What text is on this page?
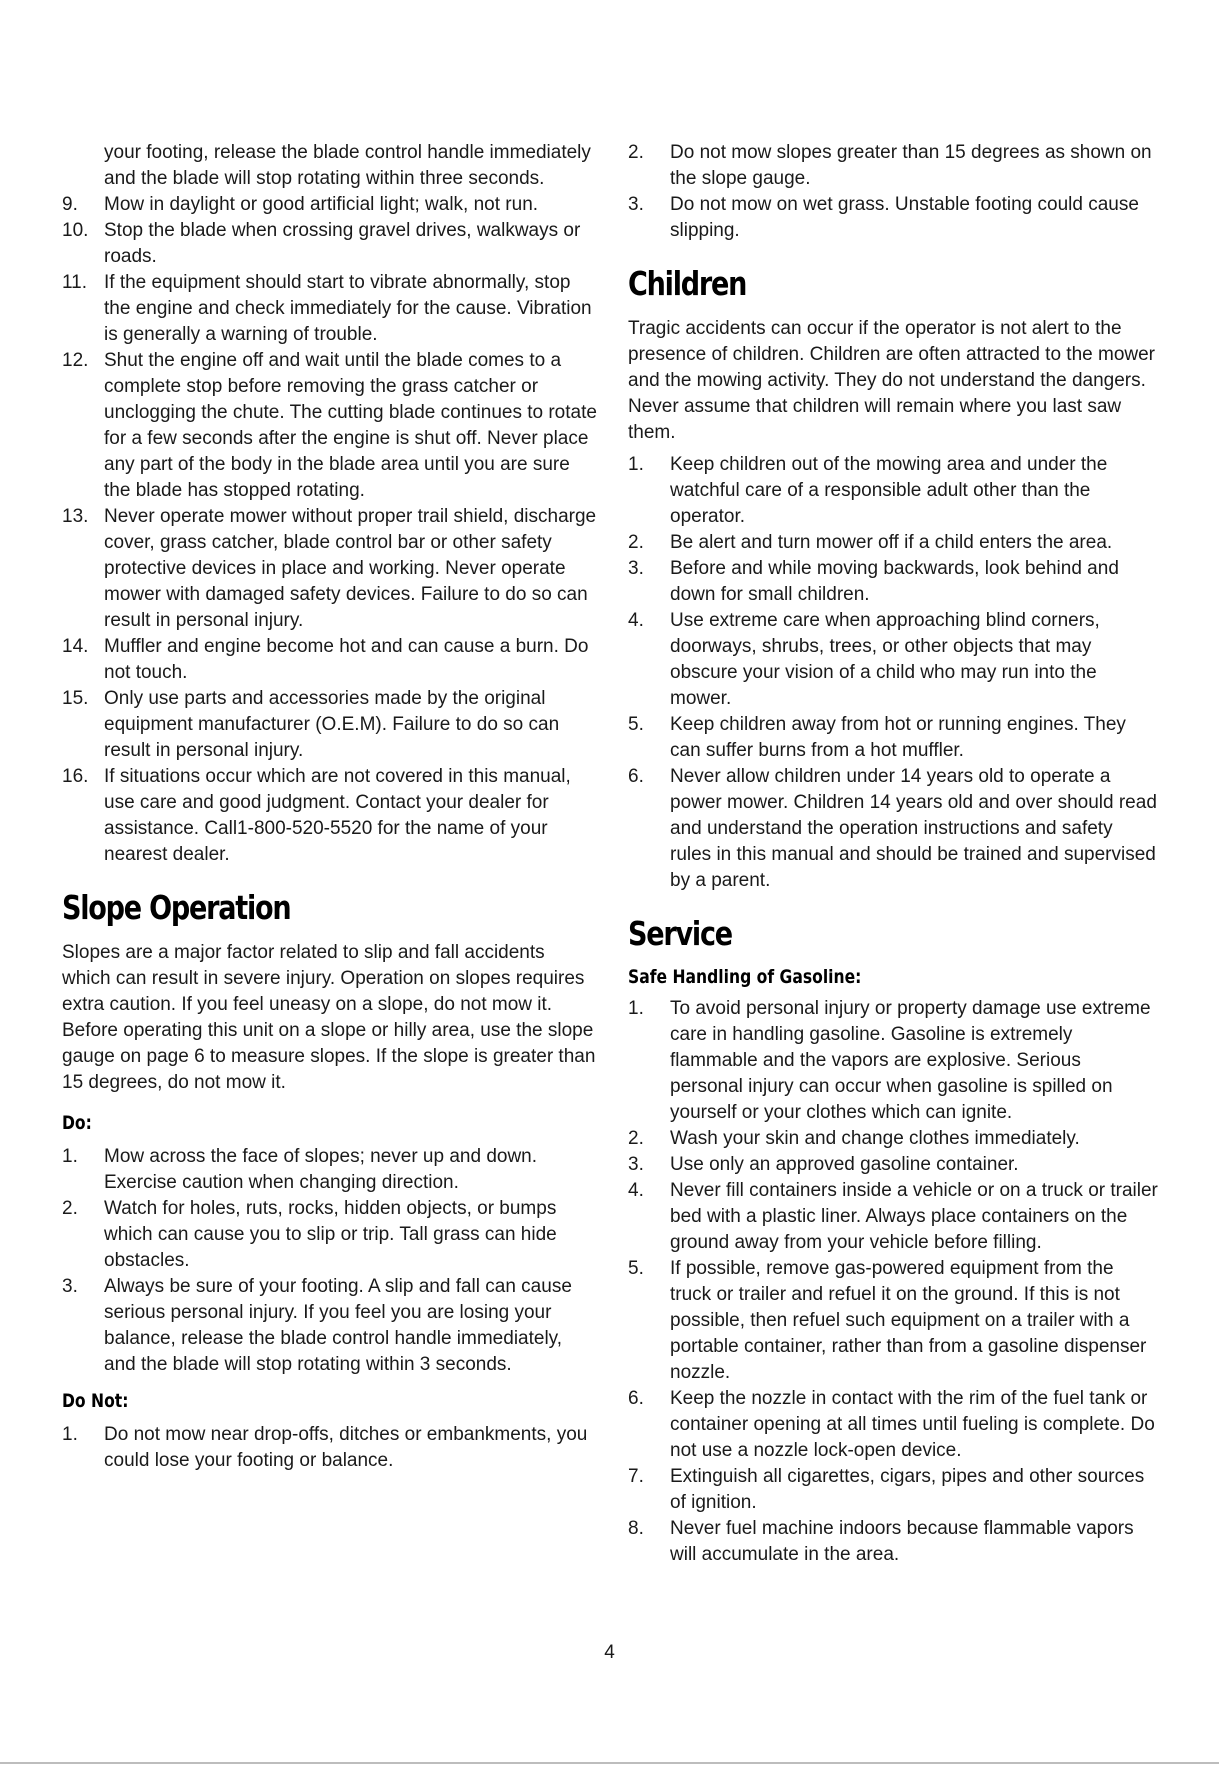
your footing, release the blade control handle immediately and the blade will stop rotating within three seconds.

9.	Mow in daylight or good artificial light; walk, not run.
10. Stop the blade when crossing gravel drives, walkways or roads.
11. If the equipment should start to vibrate abnormally, stop the engine and check immediately for the cause. Vibration is generally a warning of trouble.
12. Shut the engine off and wait until the blade comes to a complete stop before removing the grass catcher or unclogging the chute. The cutting blade continues to rotate for a few seconds after the engine is shut off. Never place any part of the body in the blade area until you are sure the blade has stopped rotating.
13. Never operate mower without proper trail shield, discharge cover, grass catcher, blade control bar or other safety protective devices in place and working. Never operate mower with damaged safety devices. Failure to do so can result in personal injury.
14. Muffler and engine become hot and can cause a burn. Do not touch.
15. Only use parts and accessories made by the original equipment manufacturer (O.E.M). Failure to do so can result in personal injury.
16. If situations occur which are not covered in this manual, use care and good judgment. Contact your dealer for assistance. Call1-800-520-5520 for the name of your nearest dealer.
Slope Operation

Slopes are a major factor related to slip and fall accidents which can result in severe injury. Operation on slopes requires extra caution. If you feel uneasy on a slope, do not mow it. Before operating this unit on a slope or hilly area, use the slope gauge on page 6 to measure slopes. If the slope is greater than 15 degrees, do not mow it.

Do:
1.	Mow across the face of slopes; never up and down. Exercise caution when changing direction.
2.	Watch for holes, ruts, rocks, hidden objects, or bumps which can cause you to slip or trip. Tall grass can hide obstacles.
3.	Always be sure of your footing. A slip and fall can cause serious personal injury. If you feel you are losing your balance, release the blade control handle immediately, and the blade will stop rotating within 3 seconds.
Do Not:
1.	Do not mow near drop-offs, ditches or embankments, you could lose your footing or balance.
2.	Do not mow slopes greater than 15 degrees as shown on the slope gauge.
3.	Do not mow on wet grass. Unstable footing could cause slipping.
Children

Tragic accidents can occur if the operator is not alert to the presence of children. Children are often attracted to the mower and the mowing activity. They do not understand the dangers. Never assume that children will remain where you last saw them.

1.	Keep children out of the mowing area and under the watchful care of a responsible adult other than the operator.
2.	Be alert and turn mower off if a child enters the area.
3.	Before and while moving backwards, look behind and down for small children.
4.	Use extreme care when approaching blind corners, doorways, shrubs, trees, or other objects that may obscure your vision of a child who may run into the mower.
5.	Keep children away from hot or running engines. They can suffer burns from a hot muffler.
6.	Never allow children under 14 years old to operate a power mower. Children 14 years old and over should read and understand the operation instructions and safety rules in this manual and should be trained and supervised by a parent.
Service
Safe Handling of Gasoline:
1.	To avoid personal injury or property damage use extreme care in handling gasoline. Gasoline is extremely flammable and the vapors are explosive. Serious personal injury can occur when gasoline is spilled on yourself or your clothes which can ignite.
2.	Wash your skin and change clothes immediately.
3.	Use only an approved gasoline container.
4.	Never fill containers inside a vehicle or on a truck or trailer bed with a plastic liner. Always place containers on the ground away from your vehicle before filling.
5.	If possible, remove gas-powered equipment from the truck or trailer and refuel it on the ground. If this is not possible, then refuel such equipment on a trailer with a portable container, rather than from a gasoline dispenser nozzle.
6.	Keep the nozzle in contact with the rim of the fuel tank or container opening at all times until fueling is complete. Do not use a nozzle lock-open device.
7.	Extinguish all cigarettes, cigars, pipes and other sources of ignition.
8.	Never fuel machine indoors because flammable vapors will accumulate in the area.
4
